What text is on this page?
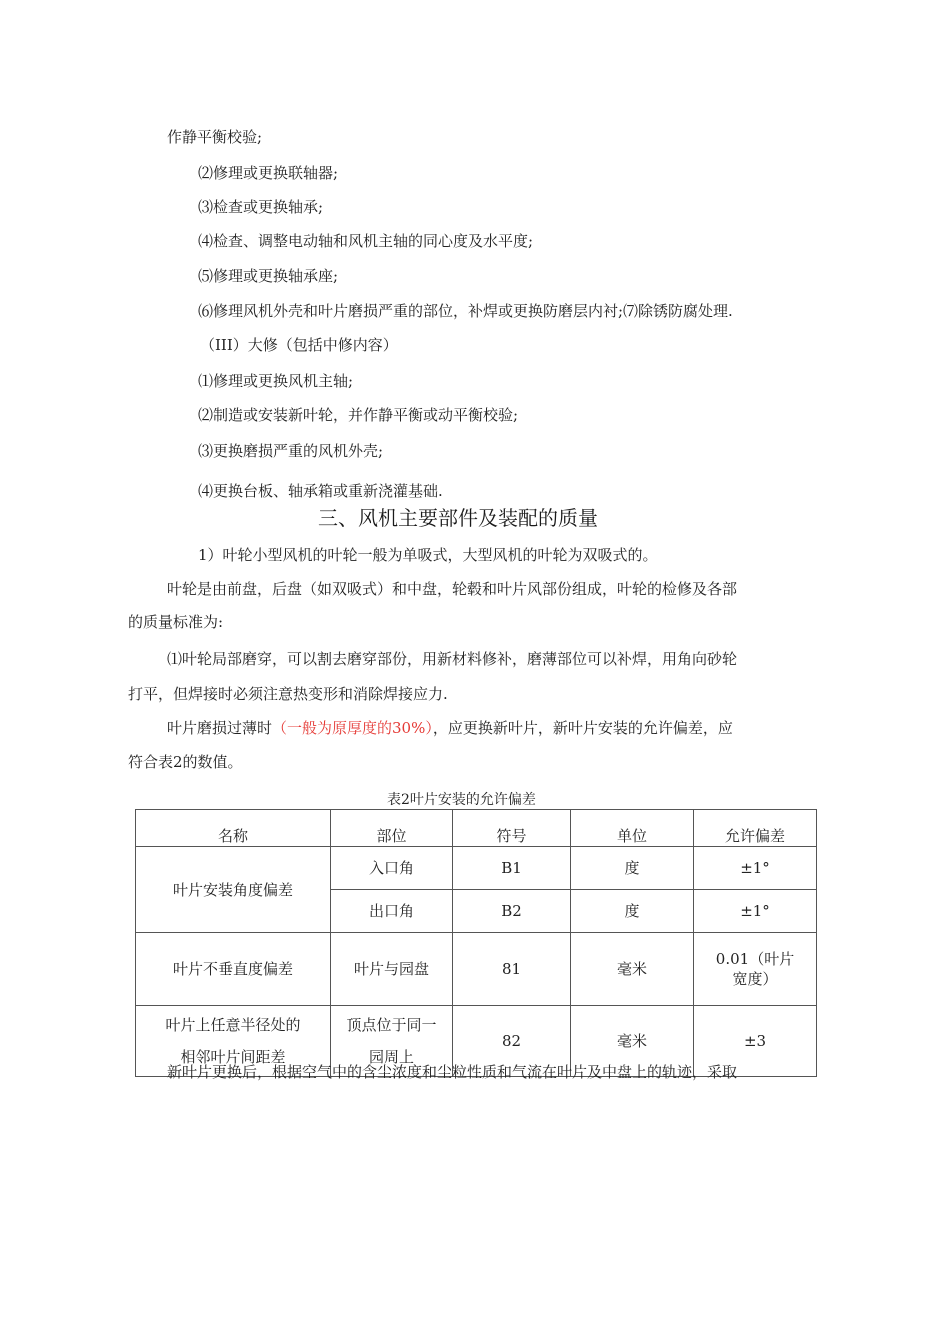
作静平衡校验;
⑵修理或更换联轴器;
⑶检查或更换轴承;
⑷检查、调整电动轴和风机主轴的同心度及水平度;
⑸修理或更换轴承座;
⑹修理风机外壳和叶片磨损严重的部位，补焊或更换防磨层内衬;⑺除锈防腐处理.
（III）大修（包括中修内容）
⑴修理或更换风机主轴;
⑵制造或安装新叶轮，并作静平衡或动平衡校验;
⑶更换磨损严重的风机外壳;
⑷更换台板、轴承箱或重新浇灌基础.
三、风机主要部件及装配的质量
1）叶轮小型风机的叶轮一般为单吸式，大型风机的叶轮为双吸式的。
叶轮是由前盘，后盘（如双吸式）和中盘，轮毂和叶片风部份组成，叶轮的检修及各部
的质量标准为:
⑴叶轮局部磨穿，可以割去磨穿部份，用新材料修补，磨薄部位可以补焊，用角向砂轮
打平，但焊接时必须注意热变形和消除焊接应力.
叶片磨损过薄时（一般为原厚度的30%），应更换新叶片，新叶片安装的允许偏差，应
符合表2的数值。
表2叶片安装的允许偏差
名称	部位	符号	单位	允许偏差
叶片安装角度偏差	入口角	B1	度	±1°
	出口角	B2	度	±1°
叶片不垂直度偏差	叶片与园盘	81	毫米	0.01（叶片
宽度）

叶片上任意半径处的
相邻叶片间距差	顶点位于同一
园周上	82	毫米	±3
新叶片更换后，根据空气中的含尘浓度和尘粒性质和气流在叶片及中盘上的轨迹，采取
